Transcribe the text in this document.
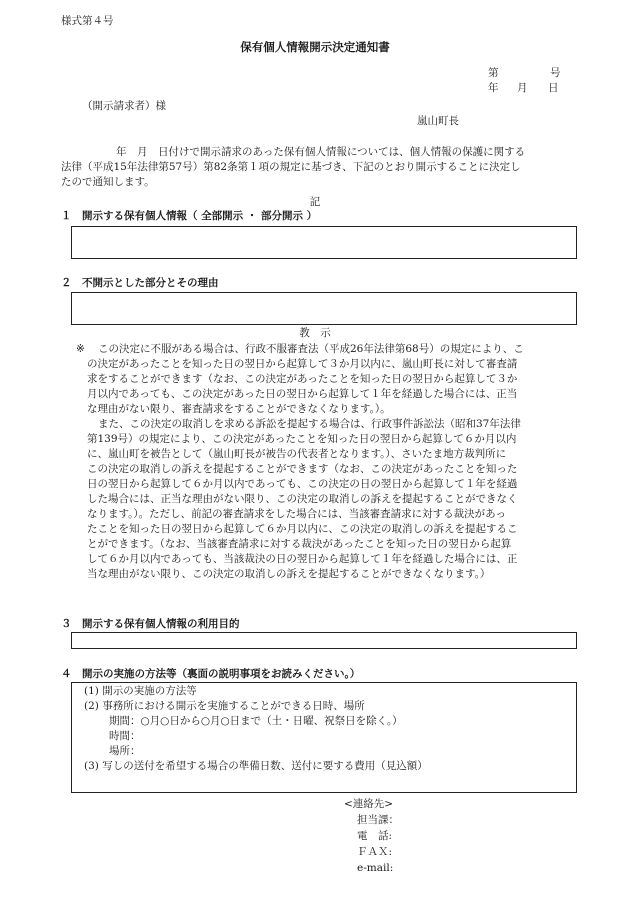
様式第４号
保有個人情報開示決定通知書
第	号
年 月 日
（開示請求者）様
嵐山町長
年　月　日付けで開示請求のあった保有個人情報については、個人情報の保護に関する
法律（平成15年法律第57号）第82条第１項の規定に基づき、下記のとおり開示することに決定し
たので通知します。
記
１　開示する保有個人情報（ 全部開示 ・ 部分開示 ）
２　不開示とした部分とその理由
教　示
※	この決定に不服がある場合は、行政不服審査法（平成26年法律第68号）の規定により、こ
の決定があったことを知った日の翌日から起算して３か月以内に、嵐山町長に対して審査請
求をすることができます（なお、この決定があったことを知った日の翌日から起算して３か
月以内であっても、この決定があった日の翌日から起算して１年を経過した場合には、正当
な理由がない限り、審査請求をすることができなくなります。）。
また、この決定の取消しを求める訴訟を提起する場合は、行政事件訴訟法（昭和37年法律
第139号）の規定により、この決定があったことを知った日の翌日から起算して６か月以内
に、嵐山町を被告として（嵐山町長が被告の代表者となります。）、さいたま地方裁判所に
この決定の取消しの訴えを提起することができます（なお、この決定があったことを知った
日の翌日から起算して６か月以内であっても、この決定の日の翌日から起算して１年を経過
した場合には、正当な理由がない限り、この決定の取消しの訴えを提起することができなく
なります。）。ただし、前記の審査請求をした場合には、当該審査請求に対する裁決があっ
たことを知った日の翌日から起算して６か月以内に、この決定の取消しの訴えを提起するこ
とができます。（なお、当該審査請求に対する裁決があったことを知った日の翌日から起算
して６か月以内であっても、当該裁決の日の翌日から起算して１年を経過した場合には、正
当な理由がない限り、この決定の取消しの訴えを提起することができなくなります。）
３　開示する保有個人情報の利用目的
４　開示の実施の方法等（裏面の説明事項をお読みください。）
(1) 開示の実施の方法等
(2) 事務所における開示を実施することができる日時、場所
期間：○月○日から○月○日まで（土・日曜、祝祭日を除く。）
時間：
場所：
(3) 写しの送付を希望する場合の準備日数、送付に要する費用（見込額）
<連絡先>
担当課：
電　話:
ＦＡＸ:
e-mail:
